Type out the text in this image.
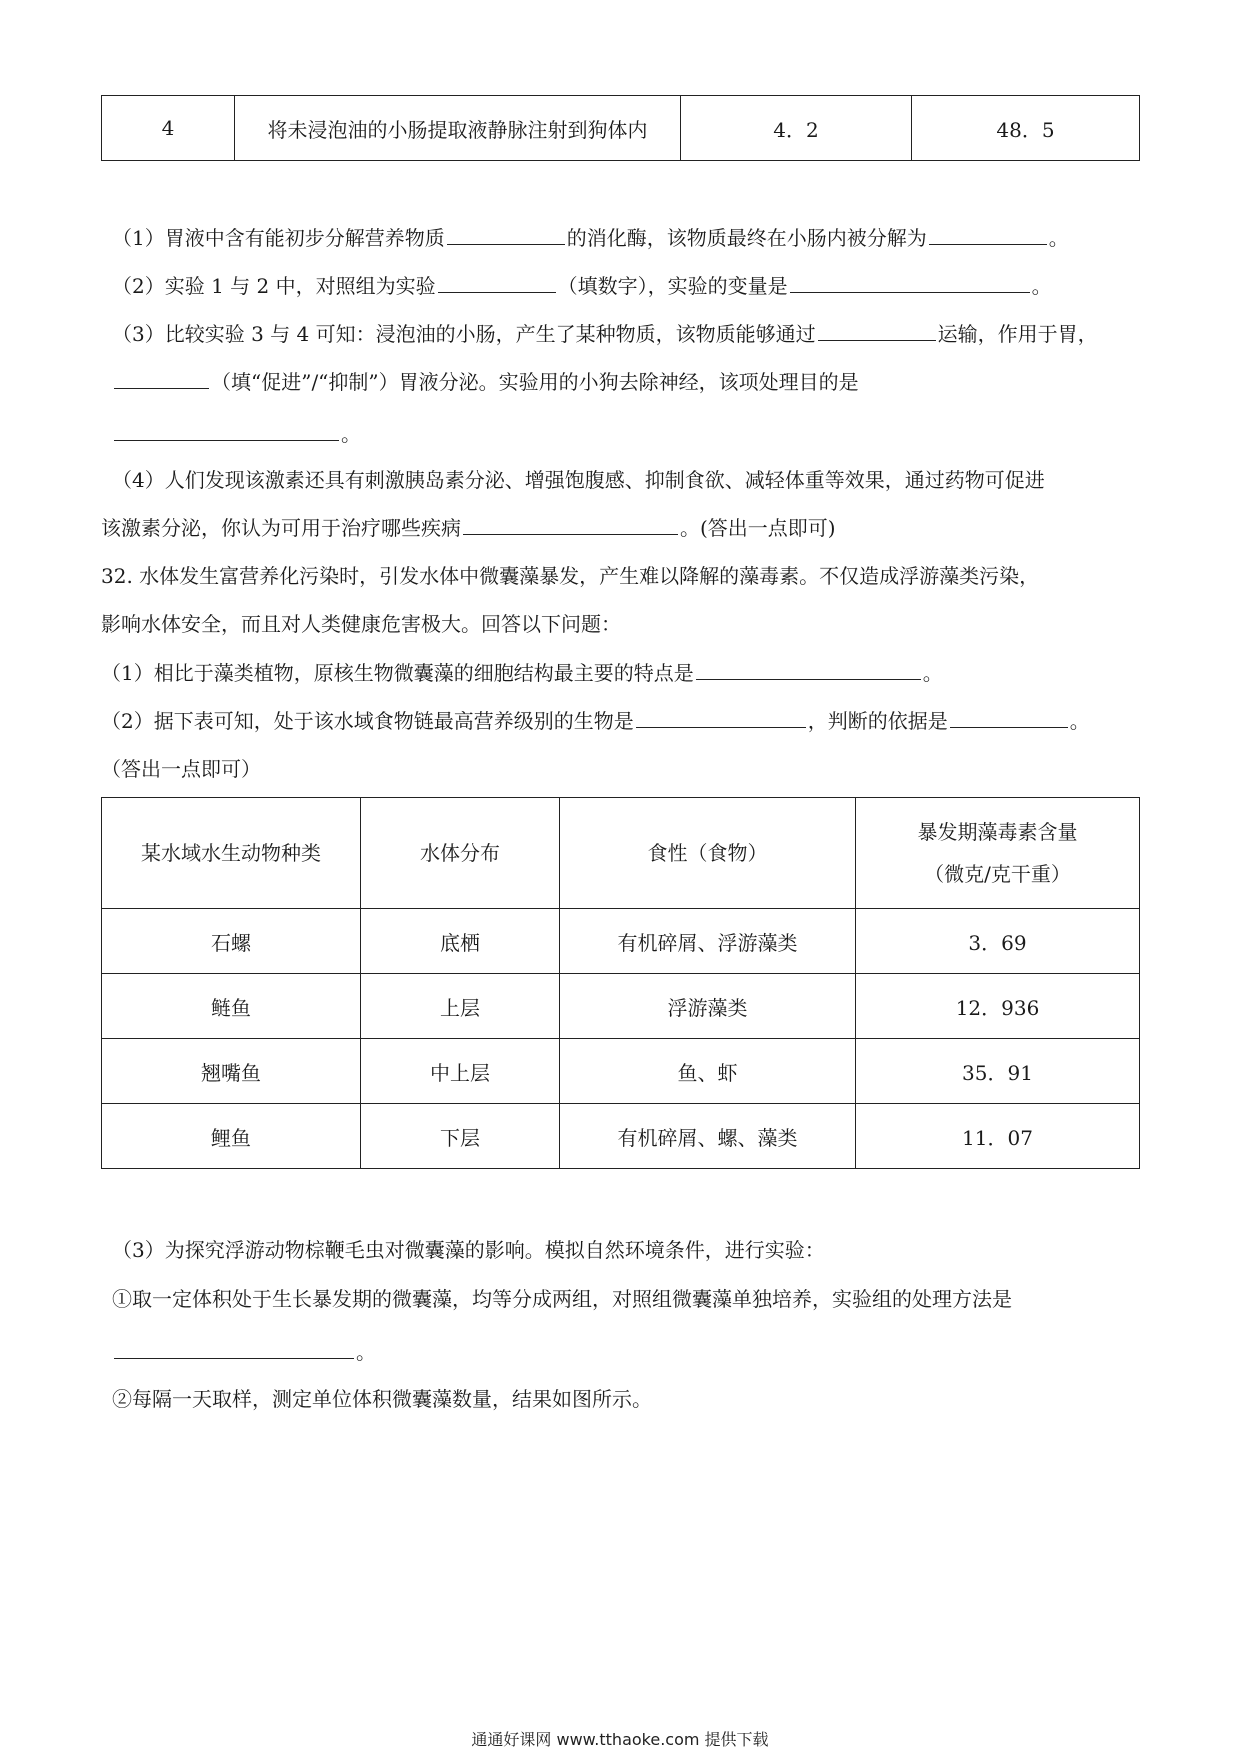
4	将未浸泡油的小肠提取液静脉注射到狗体内	4．2	48．5
（1）胃液中含有能初步分解营养物质	的消化酶，该物质最终在小肠内被分解为	。
（2）实验 1 与 2 中，对照组为实验	（填数字），实验的变量是	。
（3）比较实验 3 与 4 可知：浸泡油的小肠，产生了某种物质，该物质能够通过	运输，作用于胃，
（填“促进”/“抑制”）胃液分泌。实验用的小狗去除神经，该项处理目的是
。
（4）人们发现该激素还具有刺激胰岛素分泌、增强饱腹感、抑制食欲、减轻体重等效果，通过药物可促进
该激素分泌，你认为可用于治疗哪些疾病	。(答出一点即可)
32. 水体发生富营养化污染时，引发水体中微囊藻暴发，产生难以降解的藻毒素。不仅造成浮游藻类污染，
影响水体安全，而且对人类健康危害极大。回答以下问题：
（1）相比于藻类植物，原核生物微囊藻的细胞结构最主要的特点是	。
（2）据下表可知，处于该水域食物链最高营养级别的生物是	，判断的依据是	。
（答出一点即可）
某水域水生动物种类	水体分布	食性（食物）	暴发期藻毒素含量
（微克/克干重）

石螺	底栖	有机碎屑、浮游藻类	3．69
鲢鱼	上层	浮游藻类	12．936
翘嘴鱼	中上层	鱼、虾	35．91
鲤鱼	下层	有机碎屑、螺、藻类	11．07
（3）为探究浮游动物棕鞭毛虫对微囊藻的影响。模拟自然环境条件，进行实验：
①取一定体积处于生长暴发期的微囊藻，均等分成两组，对照组微囊藻单独培养，实验组的处理方法是
。
②每隔一天取样，测定单位体积微囊藻数量，结果如图所示。
通通好课网 www.tthaoke.com 提供下载
